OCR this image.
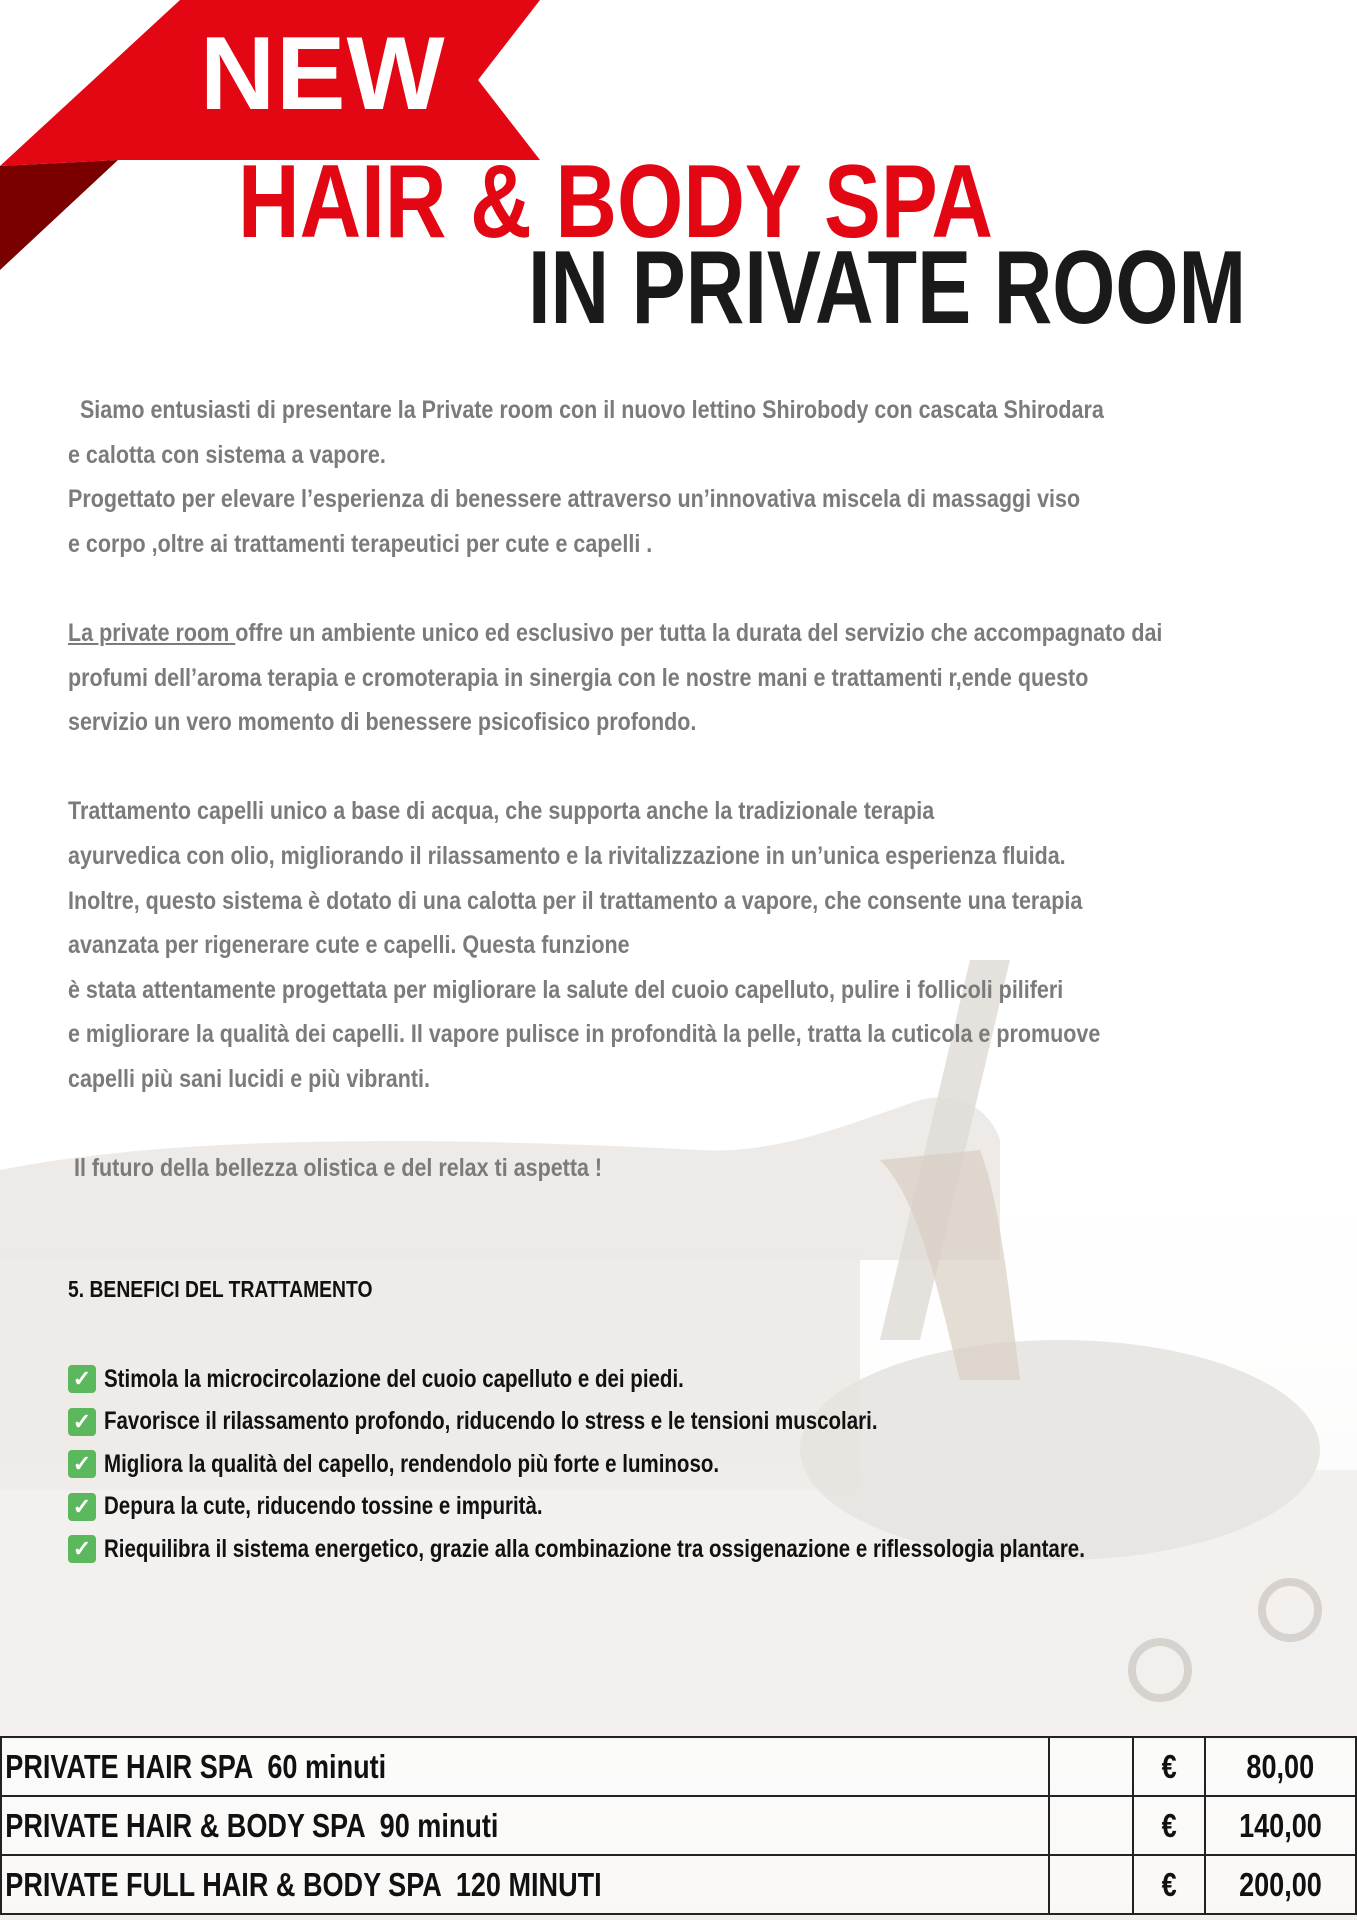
NEW
HAIR & BODY SPA
IN PRIVATE ROOM

Siamo entusiasti di presentare la Private room con il nuovo lettino Shirobody con cascata Shirodara

e calotta con sistema a vapore.

Progettato per elevare l’esperienza di benessere attraverso un’innovativa miscela di massaggi viso

e corpo ,oltre ai trattamenti terapeutici per cute e capelli .

La private room offre un ambiente unico ed esclusivo per tutta la durata del servizio che accompagnato dai

profumi dell’aroma terapia e cromoterapia in sinergia con le nostre mani e trattamenti r,ende questo

servizio un vero momento di benessere psicofisico profondo.

Trattamento capelli unico a base di acqua, che supporta anche la tradizionale terapia

ayurvedica con olio, migliorando il rilassamento e la rivitalizzazione in un’unica esperienza fluida.

Inoltre, questo sistema è dotato di una calotta per il trattamento a vapore, che consente una terapia

avanzata per rigenerare cute e capelli. Questa funzione

è stata attentamente progettata per migliorare la salute del cuoio capelluto, pulire i follicoli piliferi

e migliorare la qualità dei capelli. Il vapore pulisce in profondità la pelle, tratta la cuticola e promuove

capelli più sani lucidi e più vibranti.

Il futuro della bellezza olistica e del relax ti aspetta !

5. BENEFICI DEL TRATTAMENTO
✓ Stimola la microcircolazione del cuoio capelluto e dei piedi.
✓ Favorisce il rilassamento profondo, riducendo lo stress e le tensioni muscolari.
✓ Migliora la qualità del capello, rendendolo più forte e luminoso.
✓ Depura la cute, riducendo tossine e impurità.
✓ Riequilibra il sistema energetico, grazie alla combinazione tra ossigenazione e riflessologia plantare.
PRIVATE HAIR SPA  60 minuti		€	80,00
PRIVATE HAIR & BODY SPA  90 minuti		€	140,00
PRIVATE FULL HAIR & BODY SPA  120 MINUTI		€	200,00
